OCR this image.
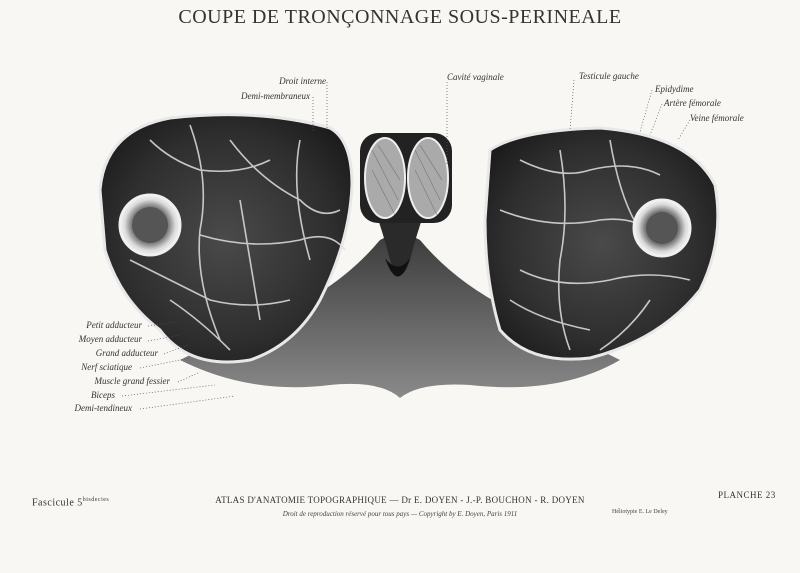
COUPE DE TRONÇONNAGE SOUS-PERINEALE
Droit interne
Demi-membraneux
Cavité vaginale	Testicule gauche
Epidydime
Artère fémorale
Veine fémorale
Petit adducteur
Moyen adducteur
Grand adducteur
Nerf sciatique
Muscle grand fessier
Biceps
Demi-tendineux
Fascicule $5^{bisdecies}$	ATLAS D'ANATOMIE TOPOGRAPHIQUE — Dr E. DOYEN - J.-P. BOUCHON - R. DOYEN
Droit de reproduction réservé pour tous pays — Copyright by E. Doyen, Paris 1911
PLANCHE 23
Héliotypie E. Le Deley
